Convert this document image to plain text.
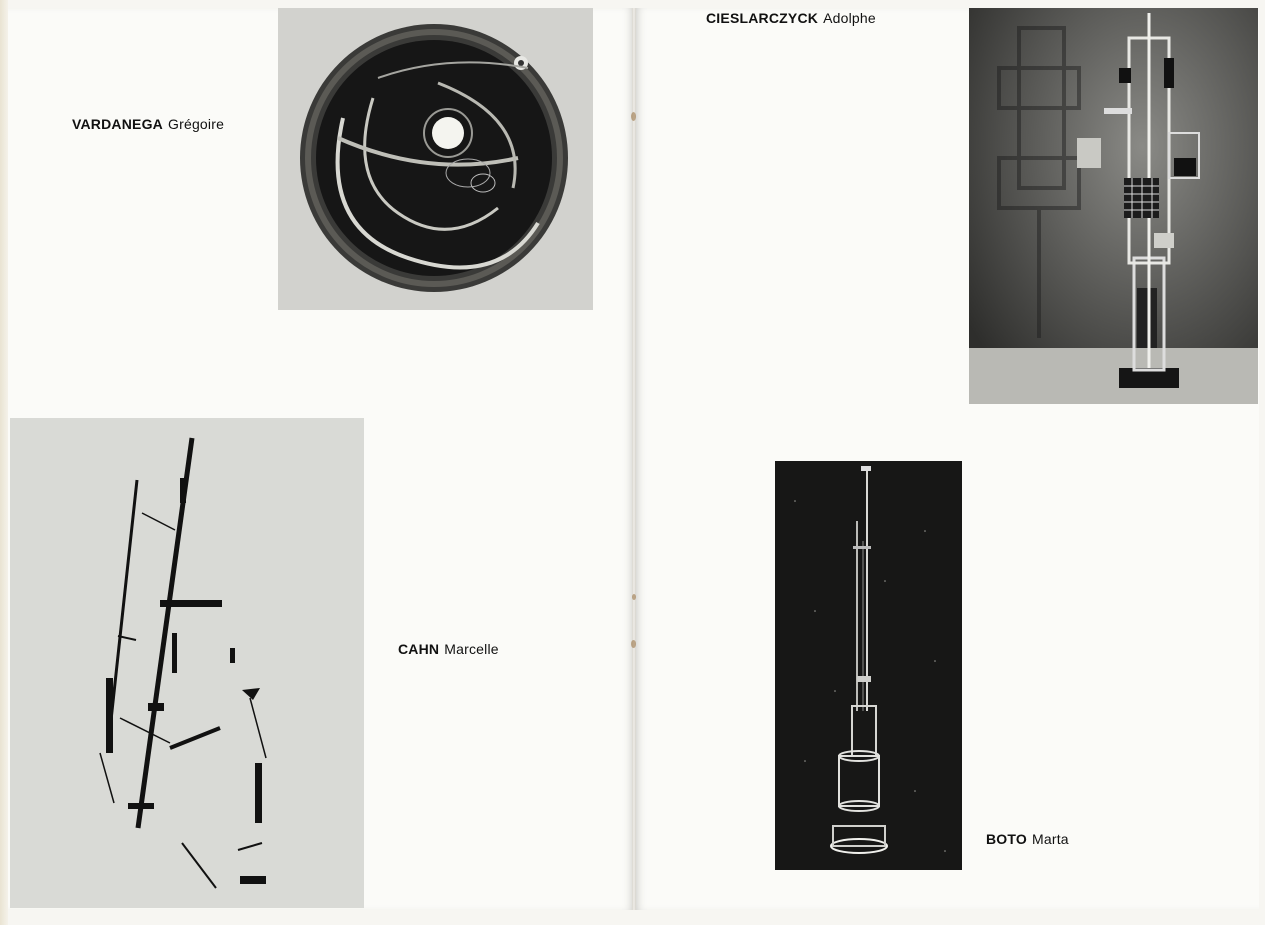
VARDANEGA Grégoire
CAHN Marcelle
CIESLARCZYCK Adolphe
BOTO Marta
